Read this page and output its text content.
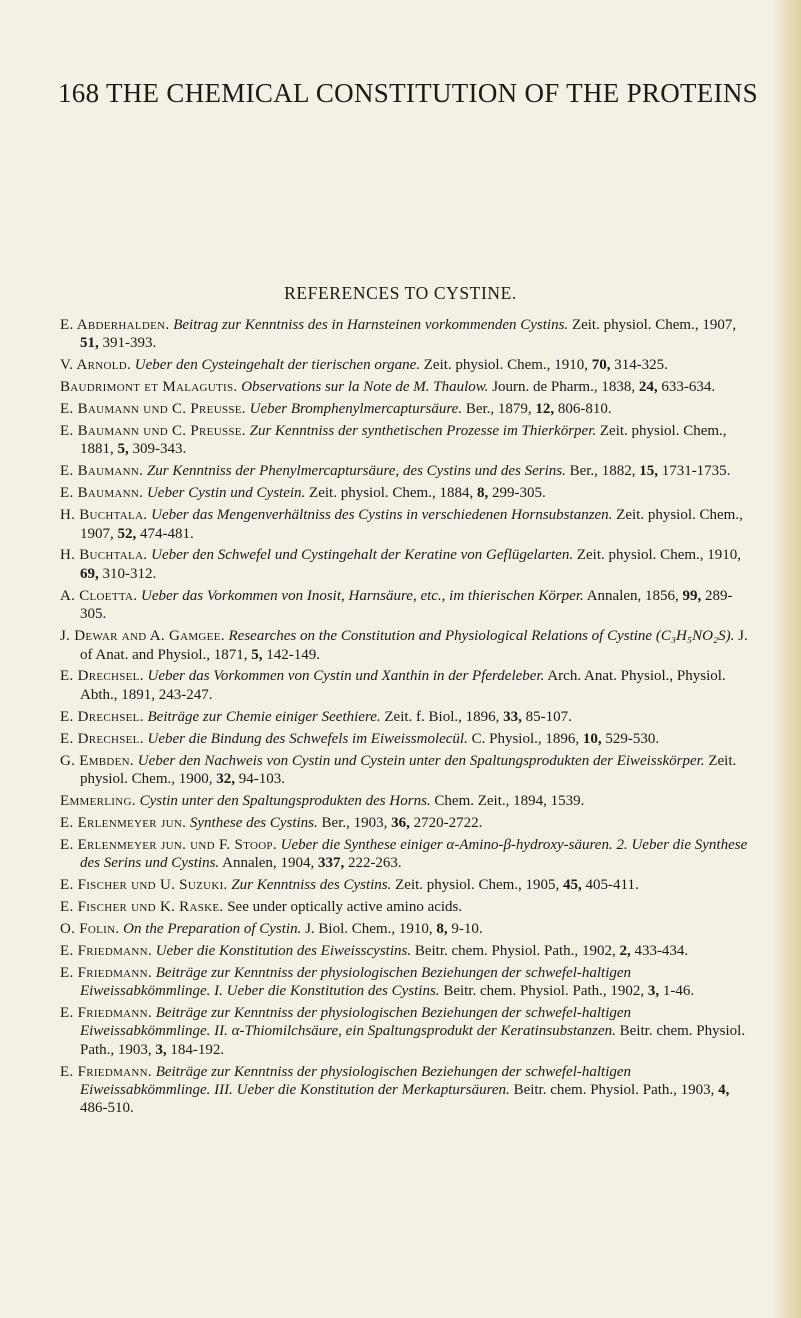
168 THE CHEMICAL CONSTITUTION OF THE PROTEINS
REFERENCES TO CYSTINE.

E. Abderhalden. Beitrag zur Kenntniss des in Harnsteinen vorkommenden Cystins. Zeit. physiol. Chem., 1907, 51, 391-393.

V. Arnold. Ueber den Cysteingehalt der tierischen organe. Zeit. physiol. Chem., 1910, 70, 314-325.

Baudrimont et Malagutis. Observations sur la Note de M. Thaulow. Journ. de Pharm., 1838, 24, 633-634.

E. Baumann und C. Preusse. Ueber Bromphenylmercaptursäure. Ber., 1879, 12, 806-810.

E. Baumann und C. Preusse. Zur Kenntniss der synthetischen Prozesse im Thierkörper. Zeit. physiol. Chem., 1881, 5, 309-343.

E. Baumann. Zur Kenntniss der Phenylmercaptursäure, des Cystins und des Serins. Ber., 1882, 15, 1731-1735.

E. Baumann. Ueber Cystin und Cystein. Zeit. physiol. Chem., 1884, 8, 299-305.

H. Buchtala. Ueber das Mengenverhältniss des Cystins in verschiedenen Hornsubstanzen. Zeit. physiol. Chem., 1907, 52, 474-481.

H. Buchtala. Ueber den Schwefel und Cystingehalt der Keratine von Geflügelarten. Zeit. physiol. Chem., 1910, 69, 310-312.

A. Cloetta. Ueber das Vorkommen von Inosit, Harnsäure, etc., im thierischen Körper. Annalen, 1856, 99, 289-305.

J. Dewar and A. Gamgee. Researches on the Constitution and Physiological Relations of Cystine (C₃H₅NO₂S). J. of Anat. and Physiol., 1871, 5, 142-149.

E. Drechsel. Ueber das Vorkommen von Cystin und Xanthin in der Pferdeleber. Arch. Anat. Physiol., Physiol. Abth., 1891, 243-247.

E. Drechsel. Beiträge zur Chemie einiger Seethiere. Zeit. f. Biol., 1896, 33, 85-107.

E. Drechsel. Ueber die Bindung des Schwefels im Eiweissmolecül. C. Physiol., 1896, 10, 529-530.

G. Embden. Ueber den Nachweis von Cystin und Cystein unter den Spaltungsprodukten der Eiweisskörper. Zeit. physiol. Chem., 1900, 32, 94-103.

Emmerling. Cystin unter den Spaltungsprodukten des Horns. Chem. Zeit., 1894, 1539.

E. Erlenmeyer jun. Synthese des Cystins. Ber., 1903, 36, 2720-2722.

E. Erlenmeyer jun. und F. Stoop. Ueber die Synthese einiger α-Amino-β-hydroxy-säuren. 2. Ueber die Synthese des Serins und Cystins. Annalen, 1904, 337, 222-263.

E. Fischer und U. Suzuki. Zur Kenntniss des Cystins. Zeit. physiol. Chem., 1905, 45, 405-411.

E. Fischer und K. Raske. See under optically active amino acids.

O. Folin. On the Preparation of Cystin. J. Biol. Chem., 1910, 8, 9-10.

E. Friedmann. Ueber die Konstitution des Eiweisscystins. Beitr. chem. Physiol. Path., 1902, 2, 433-434.

E. Friedmann. Beiträge zur Kenntniss der physiologischen Beziehungen der schwefel-haltigen Eiweissabkömmlinge. I. Ueber die Konstitution des Cystins. Beitr. chem. Physiol. Path., 1902, 3, 1-46.

E. Friedmann. Beiträge zur Kenntniss der physiologischen Beziehungen der schwefel-haltigen Eiweissabkömmlinge. II. α-Thiomilchsäure, ein Spaltungsprodukt der Keratinsubstanzen. Beitr. chem. Physiol. Path., 1903, 3, 184-192.

E. Friedmann. Beiträge zur Kenntniss der physiologischen Beziehungen der schwefel-haltigen Eiweissabkömmlinge. III. Ueber die Konstitution der Merkaptursäuren. Beitr. chem. Physiol. Path., 1903, 4, 486-510.
